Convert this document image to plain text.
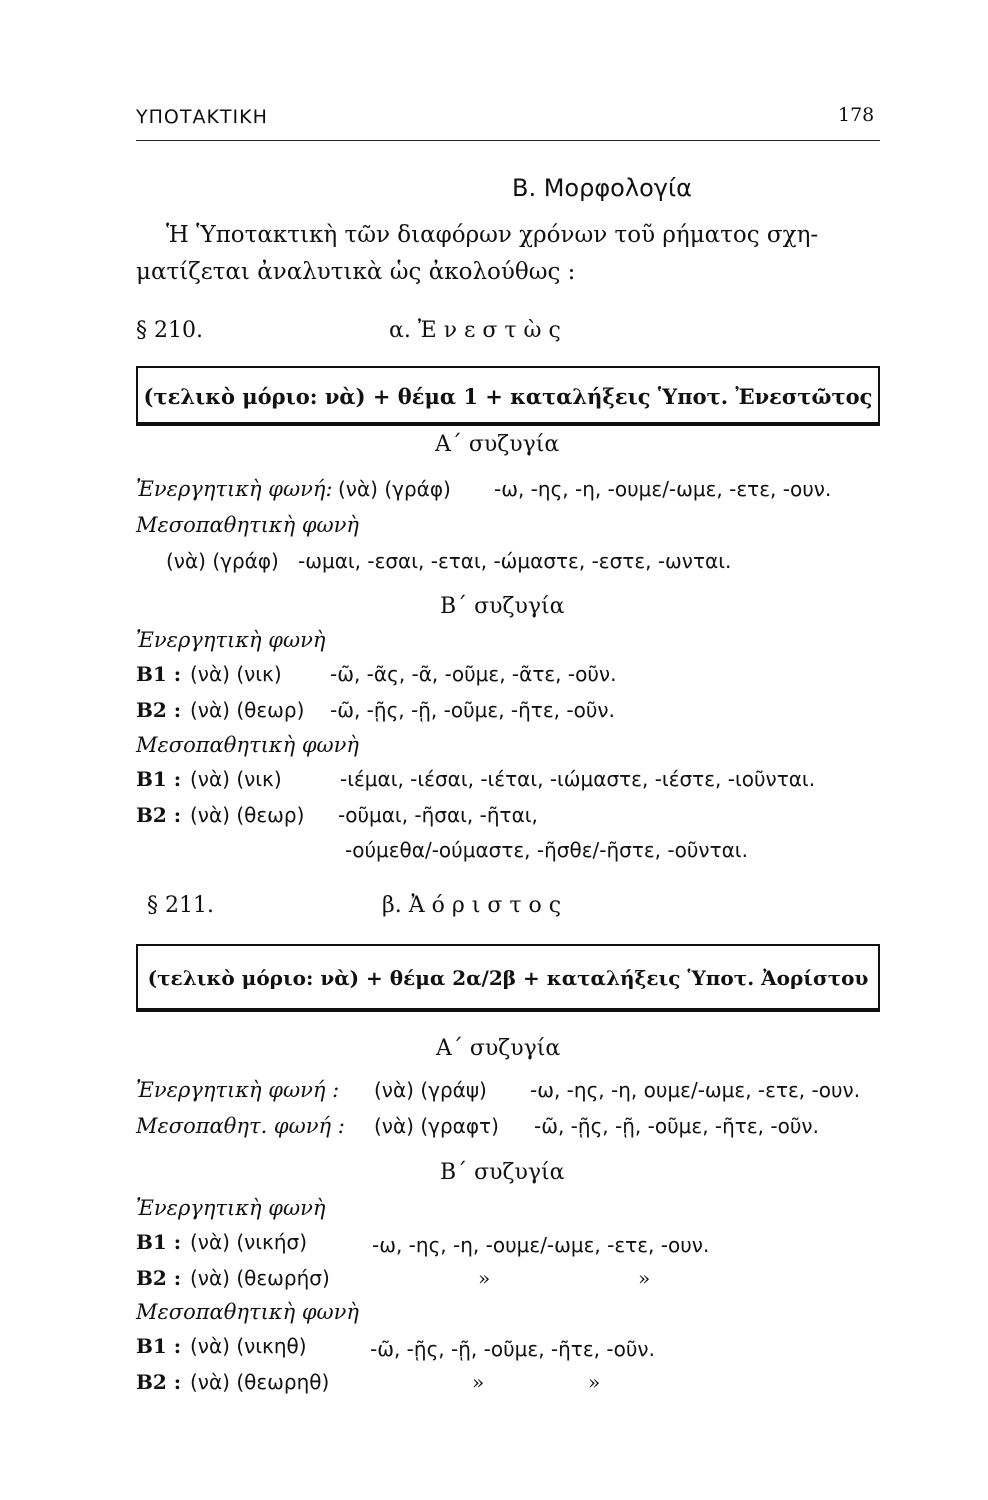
ΥΠΟΤΑΚΤΙΚΗ	178
Β. Μορφολογία
Ἡ Ὑποτακτικὴ τῶν διαφόρων χρόνων τοῦ ρήματος σχη-
ματίζεται ἀναλυτικὰ ὡς ἀκολούθως :
§ 210.	α. Ἐ ν ε σ τ ὼ ς
(τελικὸ μόριο: νὰ) + θέμα 1 + καταλήξεις Ὑποτ. Ἐνεστῶτος
Α΄ συζυγία
Ἐνεργητικὴ φωνή: (νὰ) (γράφ) -ω, -ης, -η, -ουμε/-ωμε, -ετε, -ουν.
Μεσοπαθητικὴ φωνὴ
(νὰ) (γράφ) -ωμαι, -εσαι, -εται, -ώμαστε, -εστε, -ωνται.
Β΄ συζυγία
Ἐνεργητικὴ φωνὴ
Β1 : (νὰ) (νικ) -ῶ, -ᾶς, -ᾶ, -οῦμε, -ᾶτε, -οῦν.
Β2 : (νὰ) (θεωρ) -ῶ, -ῇς, -ῇ, -οῦμε, -ῆτε, -οῦν.
Μεσοπαθητικὴ φωνὴ
Β1 : (νὰ) (νικ)	-ιέμαι, -ιέσαι, -ιέται, -ιώμαστε, -ιέστε, -ιοῦνται.
Β2 : (νὰ) (θεωρ) -οῦμαι, -ῆσαι, -ῆται,
-ούμεθα/-ούμαστε, -ῆσθε/-ῆστε, -οῦνται.
§ 211.	β. Ἀ ό ρ ι σ τ ο ς
(τελικὸ μόριο: νὰ) + θέμα 2α/2β + καταλήξεις Ὑποτ. Ἀορίστου
Α΄ συζυγία
Ἐνεργητικὴ φωνή : (νὰ) (γράψ) -ω, -ης, -η, ουμε/-ωμε, -ετε, -ουν.
Μεσοπαθητ. φωνή : (νὰ) (γραφτ) -ῶ, -ῇς, -ῇ, -οῦμε, -ῆτε, -οῦν.
Β΄ συζυγία
Ἐνεργητικὴ φωνὴ
Β1 : (νὰ) (νικήσ)	-ω, -ης, -η, -ουμε/-ωμε, -ετε, -ουν.
Β2 : (νὰ) (θεωρήσ)	»	»
Μεσοπαθητικὴ φωνὴ
Β1 : (νὰ) (νικηθ)	-ῶ, -ῇς, -ῇ, -οῦμε, -ῆτε, -οῦν.
Β2 : (νὰ) (θεωρηθ)	»	»
